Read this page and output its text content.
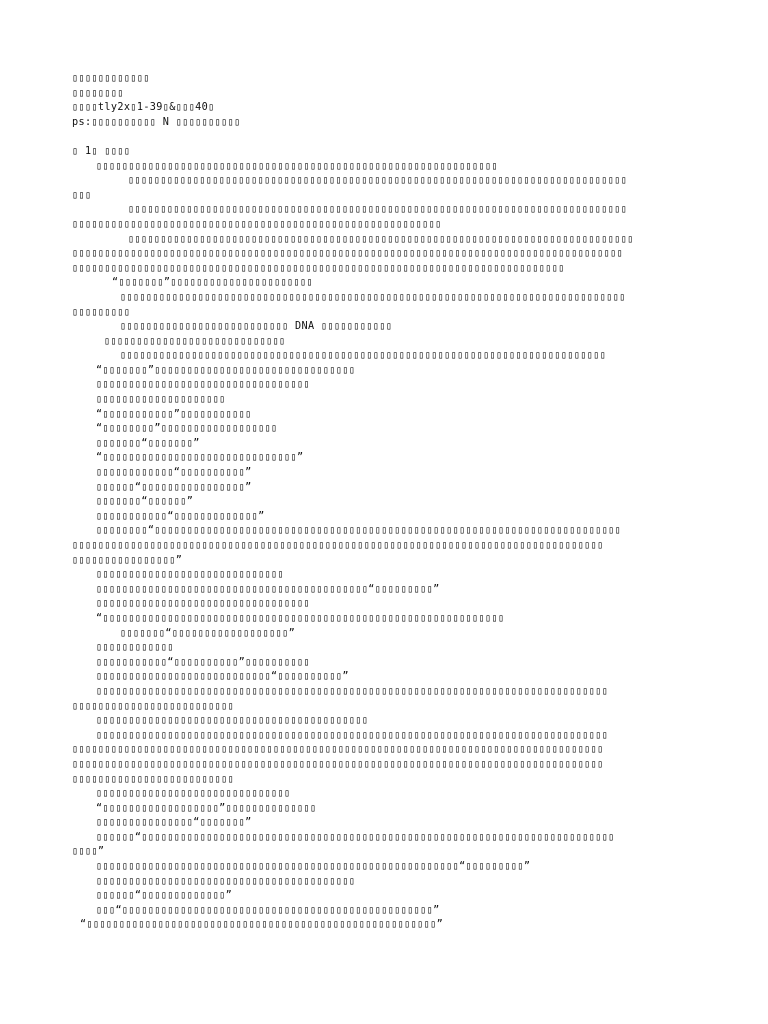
▯▯▯▯▯▯▯▯▯▯▯▯
▯▯▯▯▯▯▯▯
▯▯▯▯tly2x▯1-39▯&▯▯▯40▯
ps:▯▯▯▯▯▯▯▯▯▯ N ▯▯▯▯▯▯▯▯▯▯
▯ 1▯ ▯▯▯▯
▯▯▯▯▯▯▯▯▯▯▯▯▯▯▯▯▯▯▯▯▯▯▯▯▯▯▯▯▯▯▯▯▯▯▯▯▯▯▯▯▯▯▯▯▯▯▯▯▯▯▯▯▯▯▯▯▯▯▯▯▯▯
▯▯▯▯▯▯▯▯▯▯▯▯▯▯▯▯▯▯▯▯▯▯▯▯▯▯▯▯▯▯▯▯▯▯▯▯▯▯▯▯▯▯▯▯▯▯▯▯▯▯▯▯▯▯▯▯▯▯▯▯▯▯▯▯▯▯▯▯▯▯▯▯▯▯▯▯▯
▯▯▯
▯▯▯▯▯▯▯▯▯▯▯▯▯▯▯▯▯▯▯▯▯▯▯▯▯▯▯▯▯▯▯▯▯▯▯▯▯▯▯▯▯▯▯▯▯▯▯▯▯▯▯▯▯▯▯▯▯▯▯▯▯▯▯▯▯▯▯▯▯▯▯▯▯▯▯▯▯
▯▯▯▯▯▯▯▯▯▯▯▯▯▯▯▯▯▯▯▯▯▯▯▯▯▯▯▯▯▯▯▯▯▯▯▯▯▯▯▯▯▯▯▯▯▯▯▯▯▯▯▯▯▯▯▯▯
▯▯▯▯▯▯▯▯▯▯▯▯▯▯▯▯▯▯▯▯▯▯▯▯▯▯▯▯▯▯▯▯▯▯▯▯▯▯▯▯▯▯▯▯▯▯▯▯▯▯▯▯▯▯▯▯▯▯▯▯▯▯▯▯▯▯▯▯▯▯▯▯▯▯▯▯▯▯
▯▯▯▯▯▯▯▯▯▯▯▯▯▯▯▯▯▯▯▯▯▯▯▯▯▯▯▯▯▯▯▯▯▯▯▯▯▯▯▯▯▯▯▯▯▯▯▯▯▯▯▯▯▯▯▯▯▯▯▯▯▯▯▯▯▯▯▯▯▯▯▯▯▯▯▯▯▯▯▯▯▯▯▯▯
▯▯▯▯▯▯▯▯▯▯▯▯▯▯▯▯▯▯▯▯▯▯▯▯▯▯▯▯▯▯▯▯▯▯▯▯▯▯▯▯▯▯▯▯▯▯▯▯▯▯▯▯▯▯▯▯▯▯▯▯▯▯▯▯▯▯▯▯▯▯▯▯▯▯▯▯
“▯▯▯▯▯▯▯”▯▯▯▯▯▯▯▯▯▯▯▯▯▯▯▯▯▯▯▯▯▯
▯▯▯▯▯▯▯▯▯▯▯▯▯▯▯▯▯▯▯▯▯▯▯▯▯▯▯▯▯▯▯▯▯▯▯▯▯▯▯▯▯▯▯▯▯▯▯▯▯▯▯▯▯▯▯▯▯▯▯▯▯▯▯▯▯▯▯▯▯▯▯▯▯▯▯▯▯▯
▯▯▯▯▯▯▯▯▯
▯▯▯▯▯▯▯▯▯▯▯▯▯▯▯▯▯▯▯▯▯▯▯▯▯▯ DNA ▯▯▯▯▯▯▯▯▯▯▯
▯▯▯▯▯▯▯▯▯▯▯▯▯▯▯▯▯▯▯▯▯▯▯▯▯▯▯▯
▯▯▯▯▯▯▯▯▯▯▯▯▯▯▯▯▯▯▯▯▯▯▯▯▯▯▯▯▯▯▯▯▯▯▯▯▯▯▯▯▯▯▯▯▯▯▯▯▯▯▯▯▯▯▯▯▯▯▯▯▯▯▯▯▯▯▯▯▯▯▯▯▯▯▯
“▯▯▯▯▯▯▯”▯▯▯▯▯▯▯▯▯▯▯▯▯▯▯▯▯▯▯▯▯▯▯▯▯▯▯▯▯▯▯
▯▯▯▯▯▯▯▯▯▯▯▯▯▯▯▯▯▯▯▯▯▯▯▯▯▯▯▯▯▯▯▯▯
▯▯▯▯▯▯▯▯▯▯▯▯▯▯▯▯▯▯▯▯
“▯▯▯▯▯▯▯▯▯▯▯”▯▯▯▯▯▯▯▯▯▯▯
“▯▯▯▯▯▯▯▯”▯▯▯▯▯▯▯▯▯▯▯▯▯▯▯▯▯▯
▯▯▯▯▯▯▯“▯▯▯▯▯▯▯”
“▯▯▯▯▯▯▯▯▯▯▯▯▯▯▯▯▯▯▯▯▯▯▯▯▯▯▯▯▯▯”
▯▯▯▯▯▯▯▯▯▯▯▯“▯▯▯▯▯▯▯▯▯▯”
▯▯▯▯▯▯“▯▯▯▯▯▯▯▯▯▯▯▯▯▯▯▯”
▯▯▯▯▯▯▯“▯▯▯▯▯▯”
▯▯▯▯▯▯▯▯▯▯▯“▯▯▯▯▯▯▯▯▯▯▯▯▯”
▯▯▯▯▯▯▯▯“▯▯▯▯▯▯▯▯▯▯▯▯▯▯▯▯▯▯▯▯▯▯▯▯▯▯▯▯▯▯▯▯▯▯▯▯▯▯▯▯▯▯▯▯▯▯▯▯▯▯▯▯▯▯▯▯▯▯▯▯▯▯▯▯▯▯▯▯▯▯▯▯
▯▯▯▯▯▯▯▯▯▯▯▯▯▯▯▯▯▯▯▯▯▯▯▯▯▯▯▯▯▯▯▯▯▯▯▯▯▯▯▯▯▯▯▯▯▯▯▯▯▯▯▯▯▯▯▯▯▯▯▯▯▯▯▯▯▯▯▯▯▯▯▯▯▯▯▯▯▯▯▯▯▯
▯▯▯▯▯▯▯▯▯▯▯▯▯▯▯▯”
▯▯▯▯▯▯▯▯▯▯▯▯▯▯▯▯▯▯▯▯▯▯▯▯▯▯▯▯▯
▯▯▯▯▯▯▯▯▯▯▯▯▯▯▯▯▯▯▯▯▯▯▯▯▯▯▯▯▯▯▯▯▯▯▯▯▯▯▯▯▯▯“▯▯▯▯▯▯▯▯▯”
▯▯▯▯▯▯▯▯▯▯▯▯▯▯▯▯▯▯▯▯▯▯▯▯▯▯▯▯▯▯▯▯▯
“▯▯▯▯▯▯▯▯▯▯▯▯▯▯▯▯▯▯▯▯▯▯▯▯▯▯▯▯▯▯▯▯▯▯▯▯▯▯▯▯▯▯▯▯▯▯▯▯▯▯▯▯▯▯▯▯▯▯▯▯▯▯
▯▯▯▯▯▯▯“▯▯▯▯▯▯▯▯▯▯▯▯▯▯▯▯▯▯”
▯▯▯▯▯▯▯▯▯▯▯▯
▯▯▯▯▯▯▯▯▯▯▯“▯▯▯▯▯▯▯▯▯▯”▯▯▯▯▯▯▯▯▯▯
▯▯▯▯▯▯▯▯▯▯▯▯▯▯▯▯▯▯▯▯▯▯▯▯▯▯▯“▯▯▯▯▯▯▯▯▯▯”
▯▯▯▯▯▯▯▯▯▯▯▯▯▯▯▯▯▯▯▯▯▯▯▯▯▯▯▯▯▯▯▯▯▯▯▯▯▯▯▯▯▯▯▯▯▯▯▯▯▯▯▯▯▯▯▯▯▯▯▯▯▯▯▯▯▯▯▯▯▯▯▯▯▯▯▯▯▯▯
▯▯▯▯▯▯▯▯▯▯▯▯▯▯▯▯▯▯▯▯▯▯▯▯▯
▯▯▯▯▯▯▯▯▯▯▯▯▯▯▯▯▯▯▯▯▯▯▯▯▯▯▯▯▯▯▯▯▯▯▯▯▯▯▯▯▯▯
▯▯▯▯▯▯▯▯▯▯▯▯▯▯▯▯▯▯▯▯▯▯▯▯▯▯▯▯▯▯▯▯▯▯▯▯▯▯▯▯▯▯▯▯▯▯▯▯▯▯▯▯▯▯▯▯▯▯▯▯▯▯▯▯▯▯▯▯▯▯▯▯▯▯▯▯▯▯▯
▯▯▯▯▯▯▯▯▯▯▯▯▯▯▯▯▯▯▯▯▯▯▯▯▯▯▯▯▯▯▯▯▯▯▯▯▯▯▯▯▯▯▯▯▯▯▯▯▯▯▯▯▯▯▯▯▯▯▯▯▯▯▯▯▯▯▯▯▯▯▯▯▯▯▯▯▯▯▯▯▯▯
▯▯▯▯▯▯▯▯▯▯▯▯▯▯▯▯▯▯▯▯▯▯▯▯▯▯▯▯▯▯▯▯▯▯▯▯▯▯▯▯▯▯▯▯▯▯▯▯▯▯▯▯▯▯▯▯▯▯▯▯▯▯▯▯▯▯▯▯▯▯▯▯▯▯▯▯▯▯▯▯▯▯
▯▯▯▯▯▯▯▯▯▯▯▯▯▯▯▯▯▯▯▯▯▯▯▯▯
▯▯▯▯▯▯▯▯▯▯▯▯▯▯▯▯▯▯▯▯▯▯▯▯▯▯▯▯▯▯
“▯▯▯▯▯▯▯▯▯▯▯▯▯▯▯▯▯▯”▯▯▯▯▯▯▯▯▯▯▯▯▯▯
▯▯▯▯▯▯▯▯▯▯▯▯▯▯▯“▯▯▯▯▯▯▯”
▯▯▯▯▯▯“▯▯▯▯▯▯▯▯▯▯▯▯▯▯▯▯▯▯▯▯▯▯▯▯▯▯▯▯▯▯▯▯▯▯▯▯▯▯▯▯▯▯▯▯▯▯▯▯▯▯▯▯▯▯▯▯▯▯▯▯▯▯▯▯▯▯▯▯▯▯▯▯▯
▯▯▯▯”
▯▯▯▯▯▯▯▯▯▯▯▯▯▯▯▯▯▯▯▯▯▯▯▯▯▯▯▯▯▯▯▯▯▯▯▯▯▯▯▯▯▯▯▯▯▯▯▯▯▯▯▯▯▯▯▯“▯▯▯▯▯▯▯▯▯”
▯▯▯▯▯▯▯▯▯▯▯▯▯▯▯▯▯▯▯▯▯▯▯▯▯▯▯▯▯▯▯▯▯▯▯▯▯▯▯▯
▯▯▯▯▯▯“▯▯▯▯▯▯▯▯▯▯▯▯▯”
▯▯▯“▯▯▯▯▯▯▯▯▯▯▯▯▯▯▯▯▯▯▯▯▯▯▯▯▯▯▯▯▯▯▯▯▯▯▯▯▯▯▯▯▯▯▯▯▯▯▯▯”
“▯▯▯▯▯▯▯▯▯▯▯▯▯▯▯▯▯▯▯▯▯▯▯▯▯▯▯▯▯▯▯▯▯▯▯▯▯▯▯▯▯▯▯▯▯▯▯▯▯▯▯▯▯▯”
